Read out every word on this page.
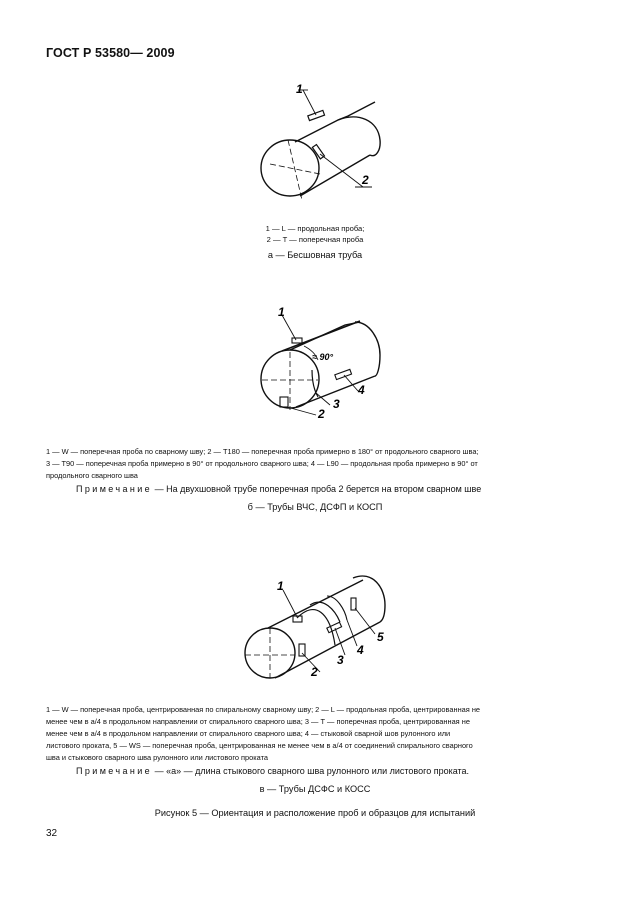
ГОСТ Р 53580— 2009
1
2
1 — L — продольная проба;
2 — T — поперечная проба
а — Бесшовная труба
1
≈ 90°
2
3
4
1 — W — поперечная проба по сварному шву; 2 — T180 — поперечная проба примерно в 180° от продольного сварного шва;
3 — T90 — поперечная проба примерно в 90° от продольного сварного шва; 4 — L90 — продольная проба примерно в 90° от
продольного сварного шва
Примечание — На двухшовной трубе поперечная проба 2 берется на втором сварном шве
б — Трубы ВЧС, ДСФП и КОСП
1
2
3
4
5
1 — W — поперечная проба, центрированная по спиральному сварному шву; 2 — L — продольная проба, центрированная не
менее чем в а/4 в продольном направлении от спирального сварного шва; 3 — Т — поперечная проба, центрированная не
менее чем в а/4 в продольном направлении от спирального сварного шва; 4 — стыковой сварной шов рулонного или
листового проката, 5 — WS — поперечная проба, центрированная не менее чем в а/4 от соединений спирального сварного
шва и стыкового сварного шва рулонного или листового проката
Примечание — «а» — длина стыкового сварного шва рулонного или листового проката.
в — Трубы ДСФС и КОСС
Рисунок 5 — Ориентация и расположение проб и образцов для испытаний
32
